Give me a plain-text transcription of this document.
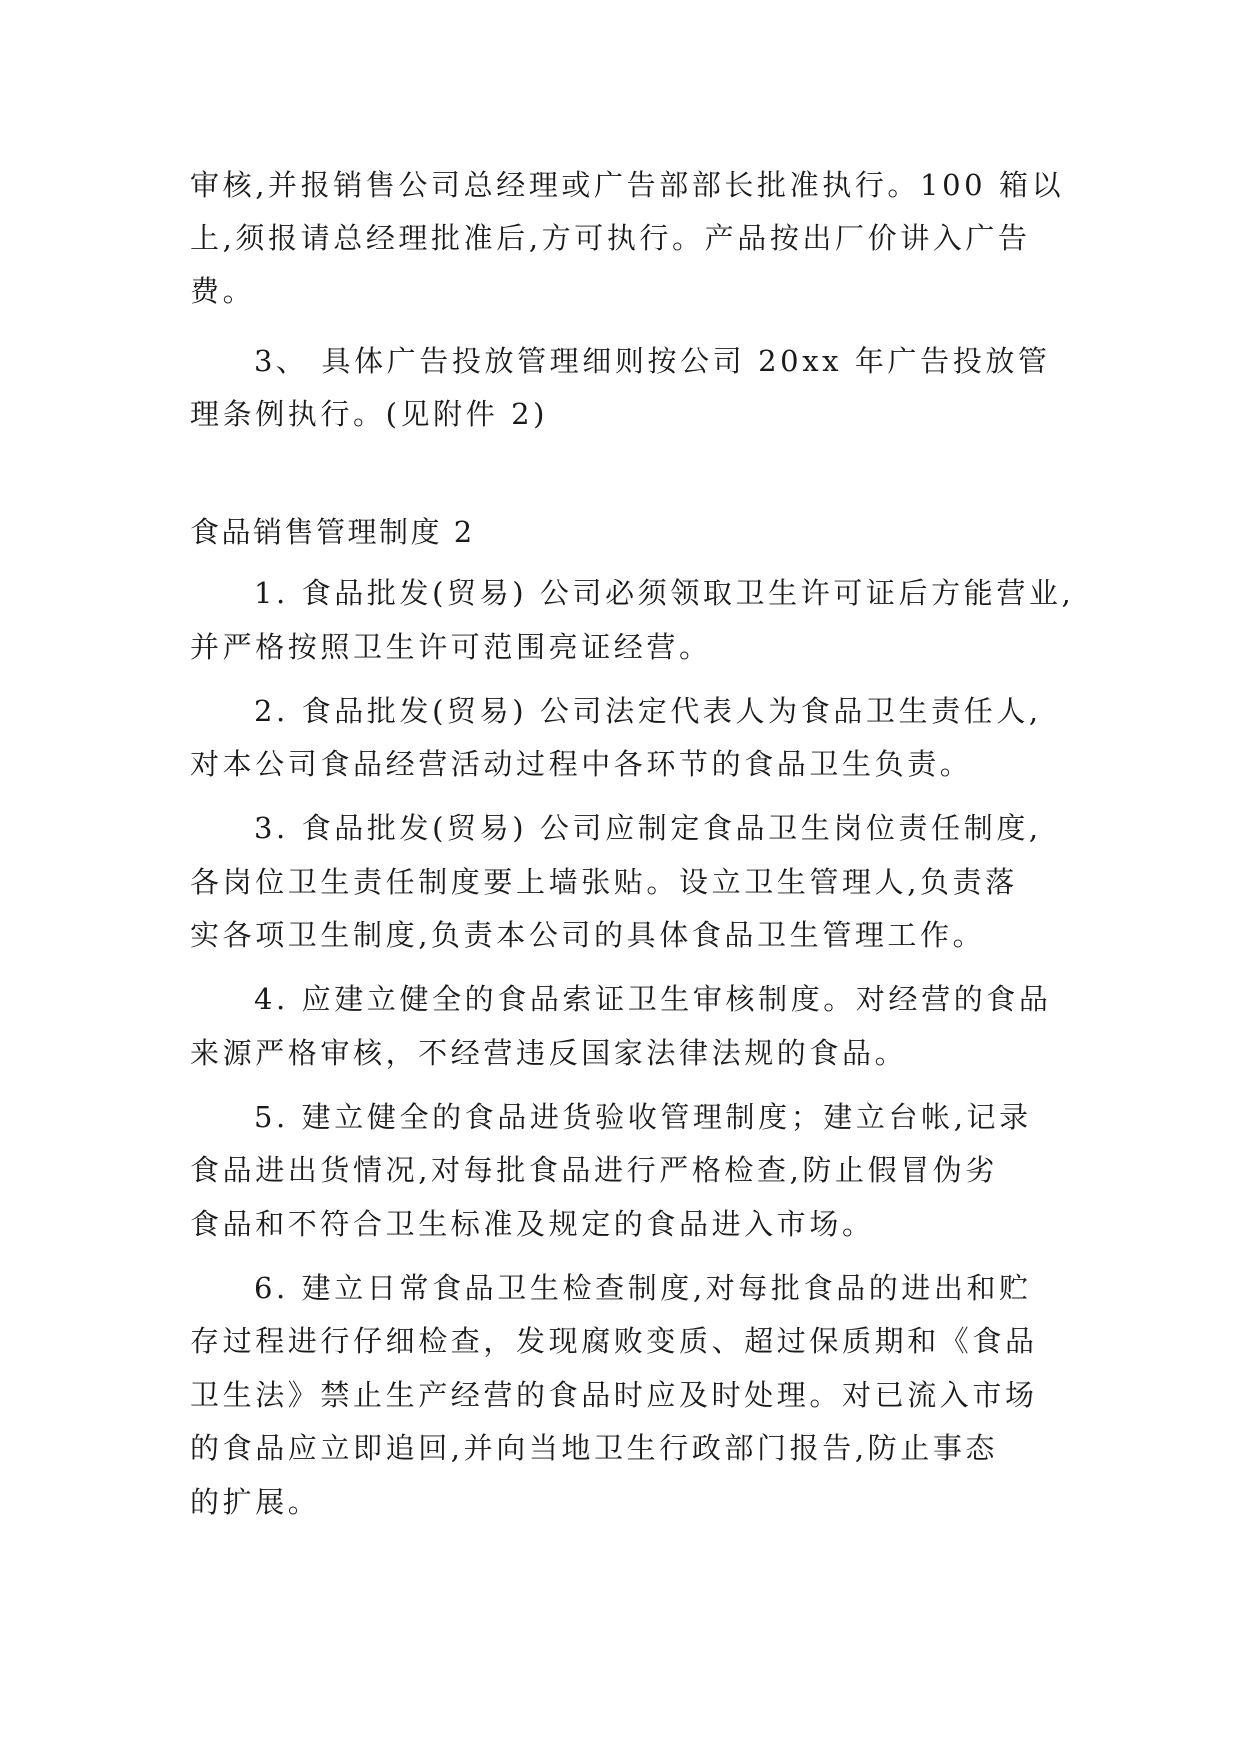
审核,并报销售公司总经理或广告部部长批准执行。100 箱以
上,须报请总经理批准后,方可执行。产品按出厂价讲入广告
费。
3、 具体广告投放管理细则按公司 20xx 年广告投放管
理条例执行。(见附件 2)
食品销售管理制度 2
1. 食品批发(贸易) 公司必须领取卫生许可证后方能营业,
并严格按照卫生许可范围亮证经营。
2. 食品批发(贸易) 公司法定代表人为食品卫生责任人,
对本公司食品经营活动过程中各环节的食品卫生负责。
3. 食品批发(贸易) 公司应制定食品卫生岗位责任制度,
各岗位卫生责任制度要上墙张贴。设立卫生管理人,负责落
实各项卫生制度,负责本公司的具体食品卫生管理工作。
4. 应建立健全的食品索证卫生审核制度。对经营的食品
来源严格审核，不经营违反国家法律法规的食品。
5. 建立健全的食品进货验收管理制度；建立台帐,记录
食品进出货情况,对每批食品进行严格检查,防止假冒伪劣
食品和不符合卫生标准及规定的食品进入市场。
6. 建立日常食品卫生检查制度,对每批食品的进出和贮
存过程进行仔细检查，发现腐败变质、超过保质期和《食品
卫生法》禁止生产经营的食品时应及时处理。对已流入市场
的食品应立即追回,并向当地卫生行政部门报告,防止事态
的扩展。
